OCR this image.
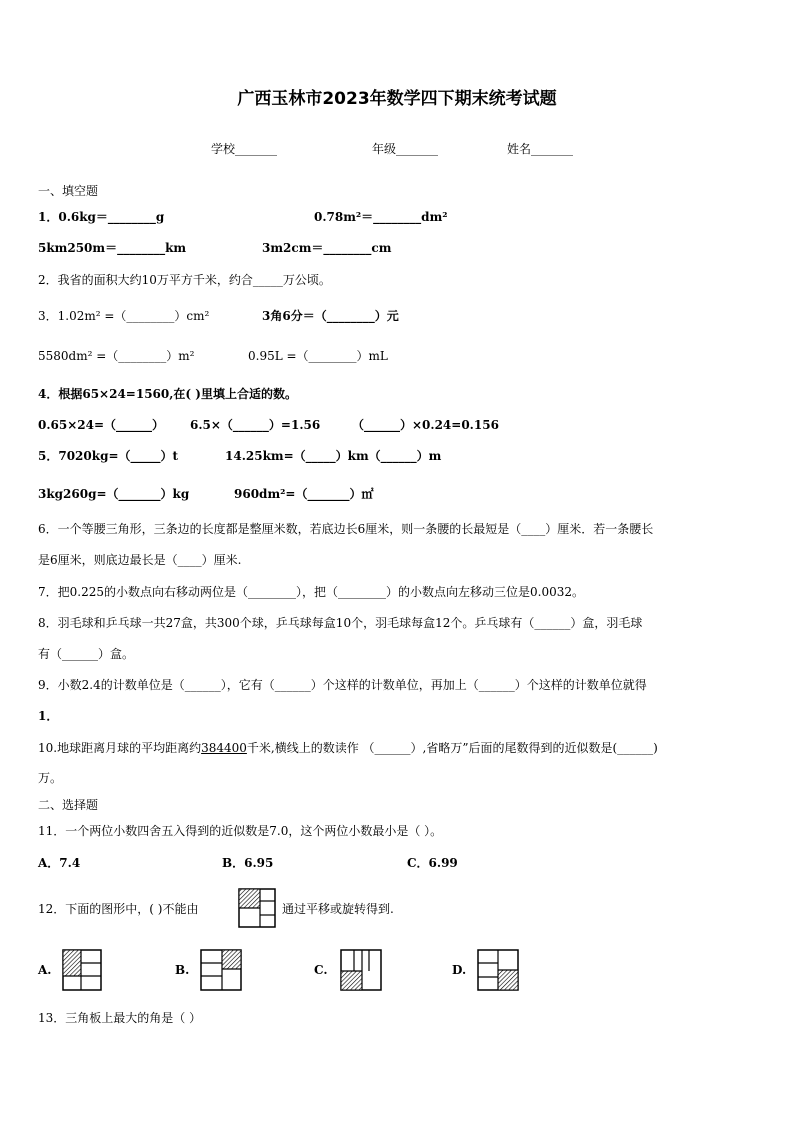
广西玉林市2023年数学四下期末统考试题
学校_______	年级_______	姓名_______
一、填空题
1．0.6kg＝________g	0.78m²＝________dm²
5km250m＝________km	3m2cm＝________cm
2．我省的面积大约10万平方千米，约合_____万公顷。
3．1.02m² =（________）cm²	3角6分＝（________）元
5580dm² =（________）m²	0.95L =（________）mL
4．根据65×24=1560,在( )里填上合适的数。
0.65×24=（______） 6.5×（______）=1.56	（______）×0.24=0.156
5．7020kg=（_____）t	14.25km=（_____）km（______）m
3kg260g=（_______）kg	960dm²=（_______）㎡
6．一个等腰三角形，三条边的长度都是整厘米数，若底边长6厘米，则一条腰的长最短是（____）厘米．若一条腰长
是6厘米，则底边最长是（____）厘米.
7．把0.225的小数点向右移动两位是（________），把（________）的小数点向左移动三位是0.0032。
8．羽毛球和乒乓球一共27盒，共300个球，乒乓球每盒10个，羽毛球每盒12个。乒乓球有（______）盒，羽毛球
有（______）盒。
9．小数2.4的计数单位是（______），它有（______）个这样的计数单位，再加上（______）个这样的计数单位就得
1．
10.地球距离月球的平均距离约384400千米,横线上的数读作 （______）,省略万”后面的尾数得到的近似数是(______)
万。
二、选择题
11．一个两位小数四舍五入得到的近似数是7.0，这个两位小数最小是（ ）。
A．7.4	B．6.95	C．6.99
12．下面的图形中，( )不能由	通过平移或旋转得到.
A.	B.	C.	D.
13．三角板上最大的角是（ ）
